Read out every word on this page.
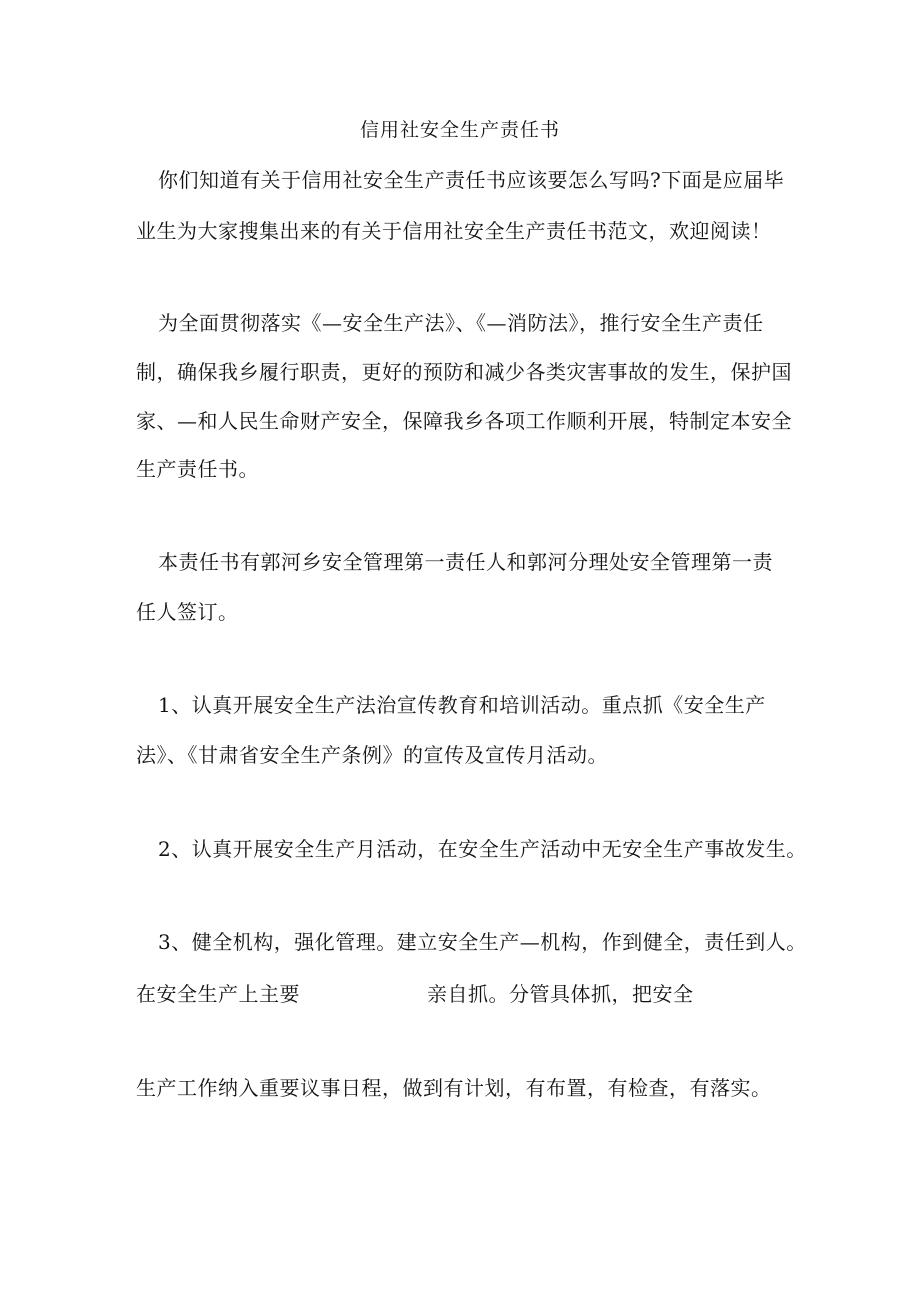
信用社安全生产责任书
你们知道有关于信用社安全生产责任书应该要怎么写吗?下面是应届毕
业生为大家搜集出来的有关于信用社安全生产责任书范文，欢迎阅读！
为全面贯彻落实《—安全生产法》、《—消防法》，推行安全生产责任
制，确保我乡履行职责，更好的预防和减少各类灾害事故的发生，保护国
家、—和人民生命财产安全，保障我乡各项工作顺利开展，特制定本安全
生产责任书。
本责任书有郭河乡安全管理第一责任人和郭河分理处安全管理第一责
任人签订。
1、认真开展安全生产法治宣传教育和培训活动。重点抓《安全生产
法》、《甘肃省安全生产条例》的宣传及宣传月活动。
2、认真开展安全生产月活动，在安全生产活动中无安全生产事故发生。
3、健全机构，强化管理。建立安全生产—机构，作到健全，责任到人。
在安全生产上主要	亲自抓。分管具体抓，把安全
生产工作纳入重要议事日程，做到有计划，有布置，有检查，有落实。
